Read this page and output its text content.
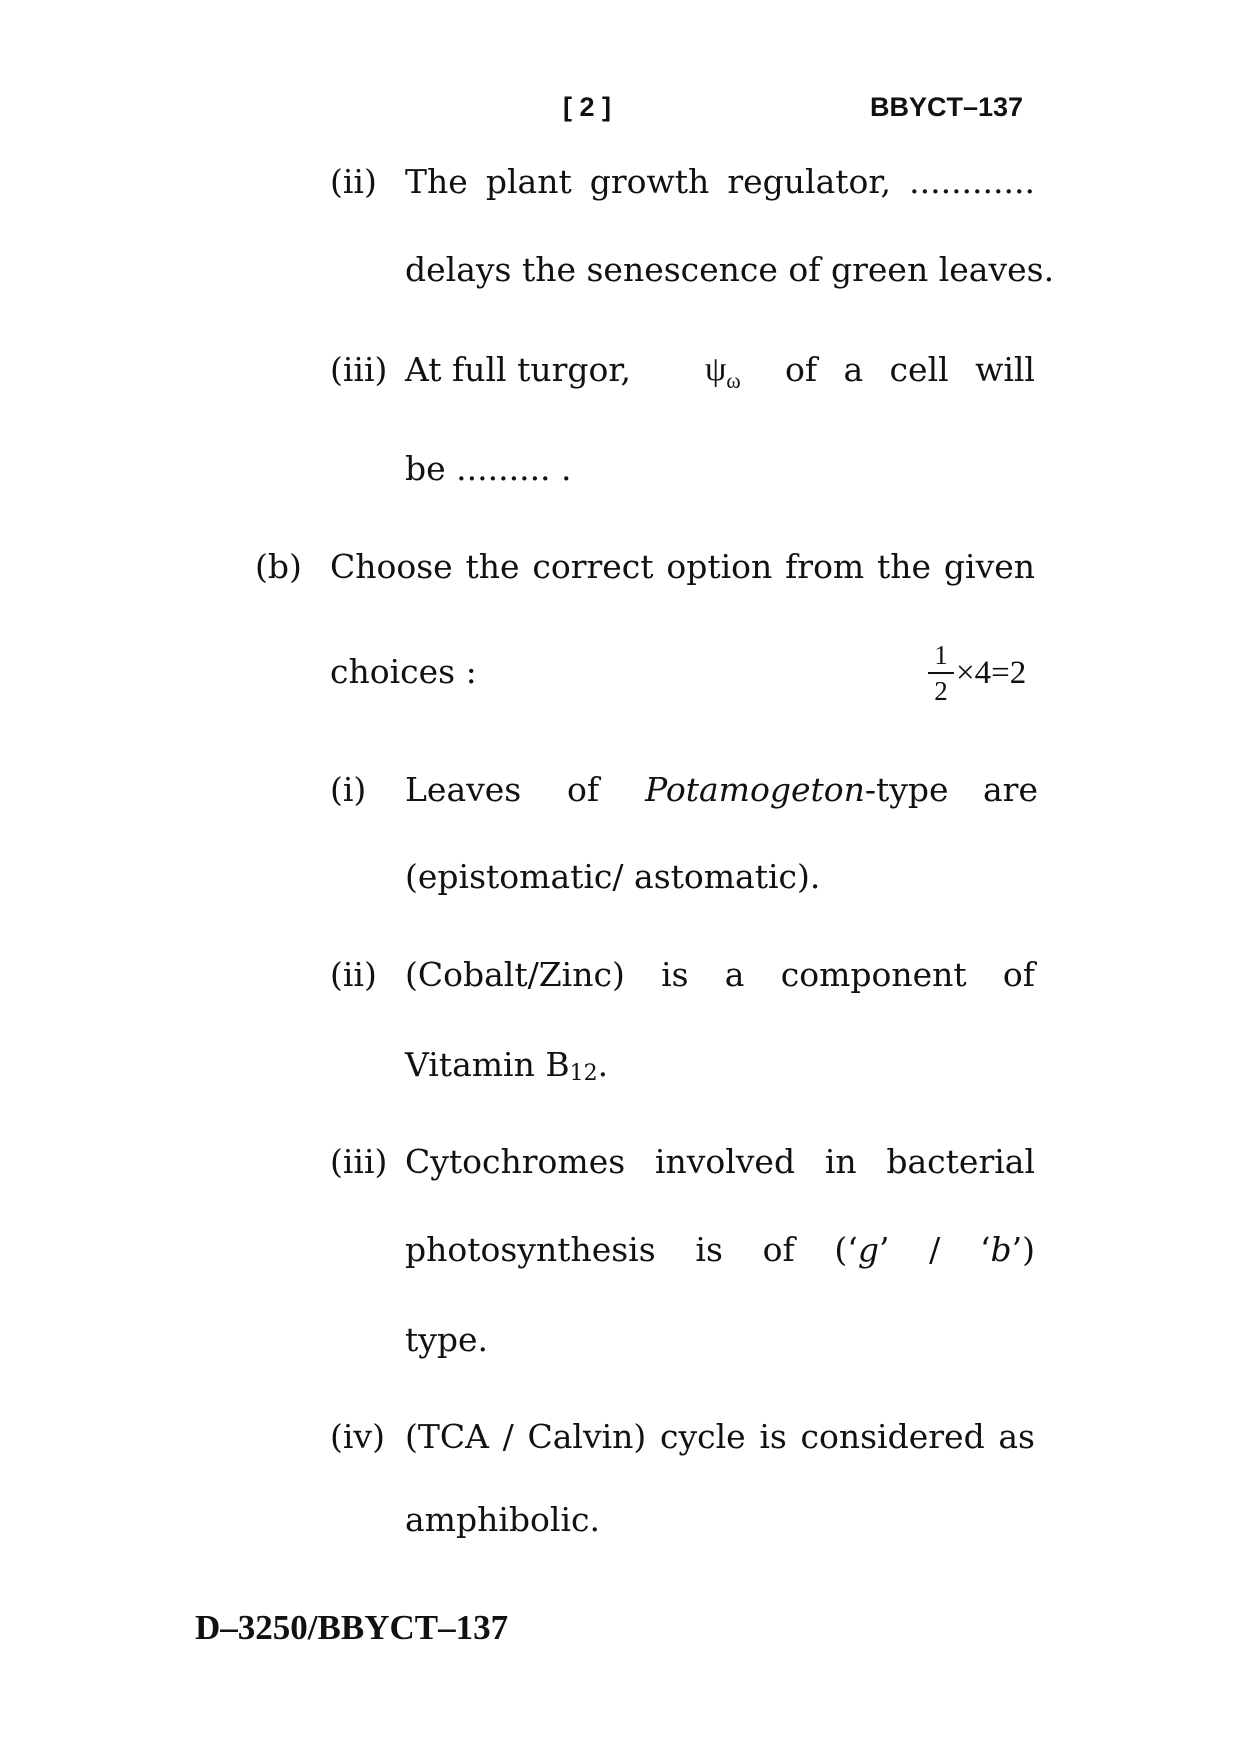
[ 2 ]	BBYCT–137
(ii) The plant growth regulator, ............
delays the senescence of green leaves.
(iii) At full turgor, $\psi_\omega$ of a cell will
be ......... .
(b) Choose the correct option from the given
choices :	1
2 ×4=2
(i) Leaves of Potamogeton-type are
(epistomatic/ astomatic).
(ii) (Cobalt/Zinc) is a component of
Vitamin $B_{12}$.
(iii) Cytochromes involved in bacterial
photosynthesis is of (‘g’ / ‘b’)
type.
(iv) (TCA / Calvin) cycle is considered as
amphibolic.
D–3250/BBYCT–137
